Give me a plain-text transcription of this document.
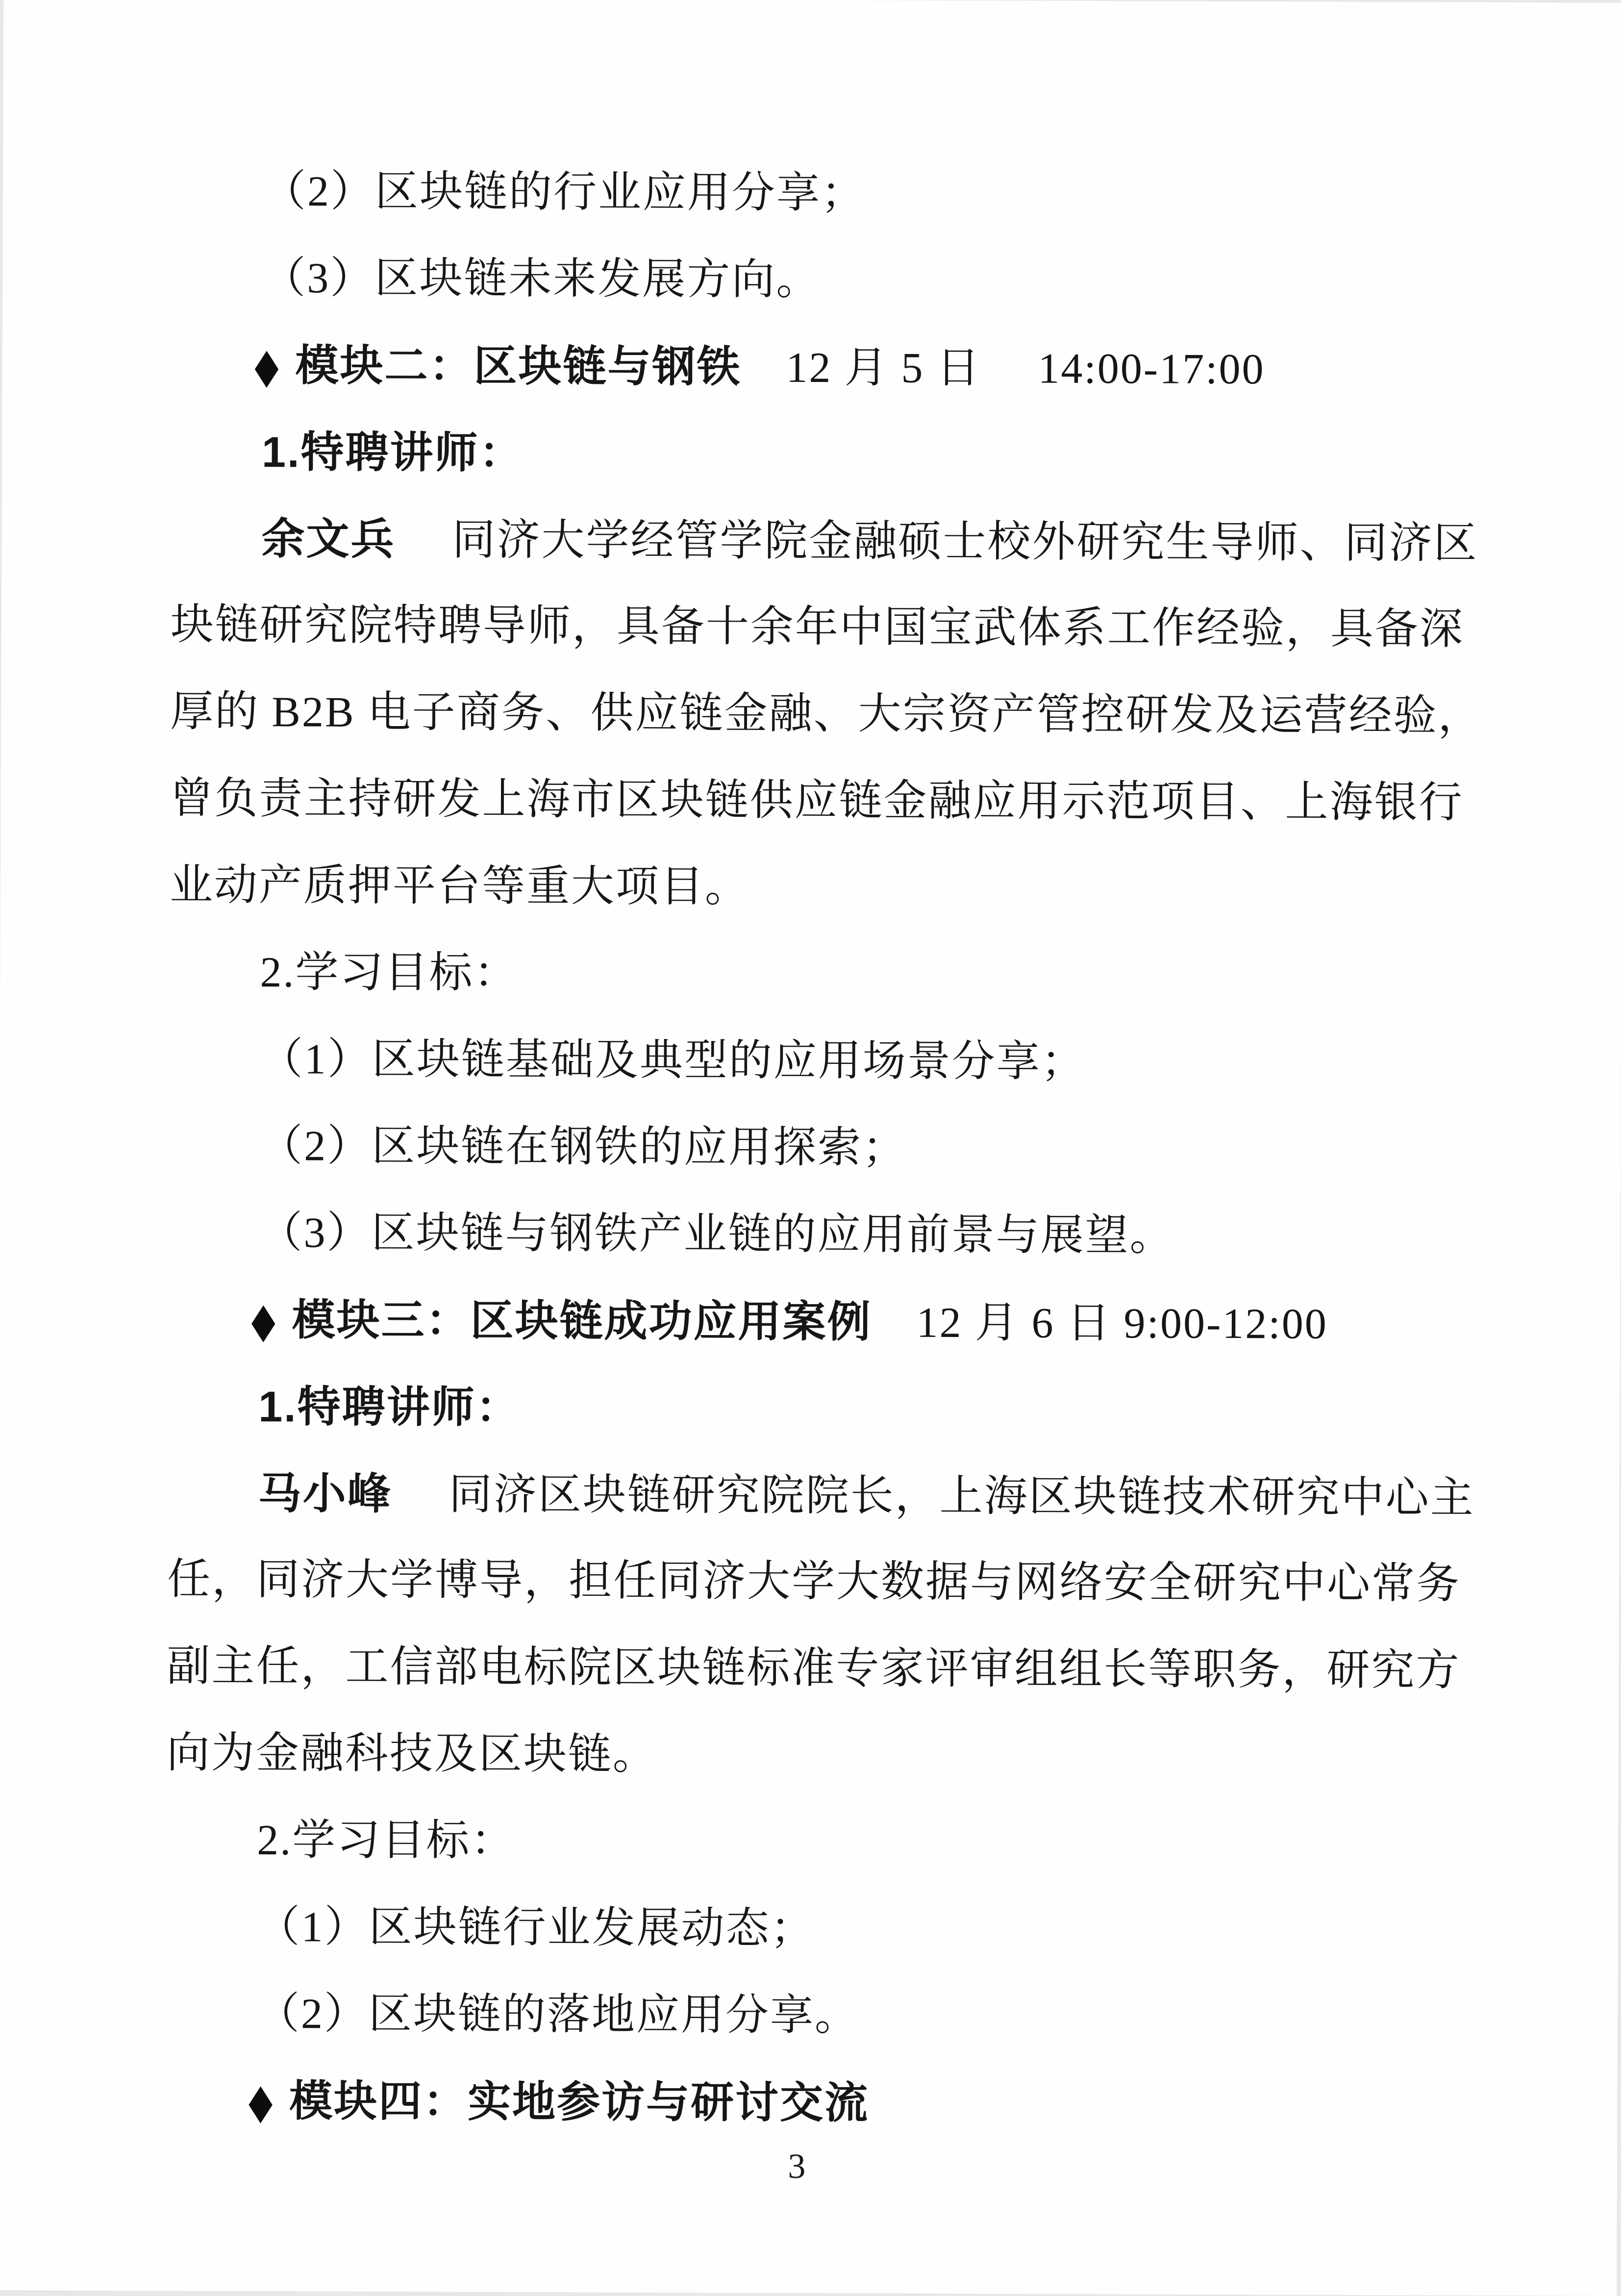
（2）区块链的行业应用分享；
（3）区块链未来发展方向。
◆ 模块二：区块链与钢铁　12 月 5 日　 14:00-17:00
1.特聘讲师：
余文兵　 同济大学经管学院金融硕士校外研究生导师、同济区
块链研究院特聘导师，具备十余年中国宝武体系工作经验，具备深
厚的 B2B 电子商务、供应链金融、大宗资产管控研发及运营经验，
曾负责主持研发上海市区块链供应链金融应用示范项目、上海银行
业动产质押平台等重大项目。
2.学习目标：
（1）区块链基础及典型的应用场景分享；
（2）区块链在钢铁的应用探索；
（3）区块链与钢铁产业链的应用前景与展望。
◆ 模块三：区块链成功应用案例　12 月 6 日 9:00-12:00
1.特聘讲师：
马小峰　 同济区块链研究院院长，上海区块链技术研究中心主
任，同济大学博导，担任同济大学大数据与网络安全研究中心常务
副主任，工信部电标院区块链标准专家评审组组长等职务，研究方
向为金融科技及区块链。
2.学习目标：
（1）区块链行业发展动态；
（2）区块链的落地应用分享。
◆ 模块四：实地参访与研讨交流
3
